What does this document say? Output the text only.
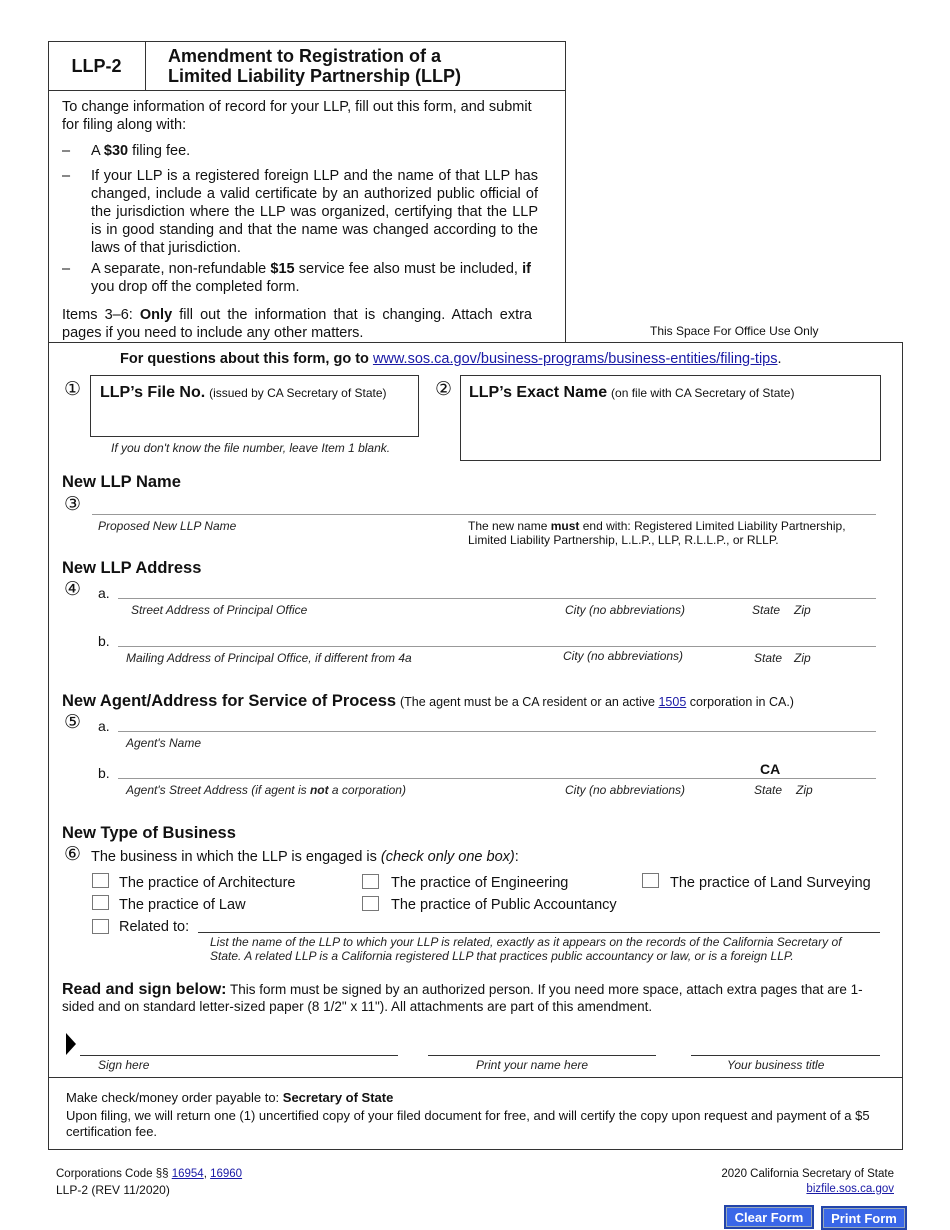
LLP-2	Amendment to Registration of a
Limited Liability Partnership (LLP)
This Space For Office Use Only
To change information of record for your LLP, fill out this form, and submit for filing along with:
– A $30 filing fee.
– If your LLP is a registered foreign LLP and the name of that LLP has changed, include a valid certificate by an authorized public official of the jurisdiction where the LLP was organized, certifying that the LLP is in good standing and that the name was changed according to the laws of that jurisdiction.
– A separate, non-refundable $15 service fee also must be included, if you drop off the completed form.
Items 3–6: Only fill out the information that is changing. Attach extra pages if you need to include any other matters.
For questions about this form, go to www.sos.ca.gov/business-programs/business-entities/filing-tips.
① LLP’s File No. (issued by CA Secretary of State)
If you don't know the file number, leave Item 1 blank.
② LLP’s Exact Name (on file with CA Secretary of State)
New LLP Name
③
Proposed New LLP Name	The new name must end with: Registered Limited Liability Partnership, Limited Liability Partnership, L.L.P., LLP, R.L.L.P., or RLLP.
New LLP Address
④ a.
Street Address of Principal Office	City (no abbreviations)	State Zip
b.
Mailing Address of Principal Office, if different from 4a	City (no abbreviations)	State Zip
New Agent/Address for Service of Process (The agent must be a CA resident or an active 1505 corporation in CA.)
⑤ a.
Agent's Name
b.	CA
Agent's Street Address (if agent is not a corporation)	City (no abbreviations)	State Zip
New Type of Business
⑥ The business in which the LLP is engaged is (check only one box):
The practice of Architecture	The practice of Engineering	The practice of Land Surveying
The practice of Law	The practice of Public Accountancy
Related to:
List the name of the LLP to which your LLP is related, exactly as it appears on the records of the California Secretary of State. A related LLP is a California registered LLP that practices public accountancy or law, or is a foreign LLP.
Read and sign below: This form must be signed by an authorized person. If you need more space, attach extra pages that are 1-sided and on standard letter-sized paper (8 1/2" x 11"). All attachments are part of this amendment.
Sign here	Print your name here	Your business title
Make check/money order payable to: Secretary of State
Upon filing, we will return one (1) uncertified copy of your filed document for free, and will certify the copy upon request and payment of a $5 certification fee.
Corporations Code §§ 16954, 16960
LLP-2 (REV 11/2020)
2020 California Secretary of State
bizfile.sos.ca.gov
Clear Form	Print Form
